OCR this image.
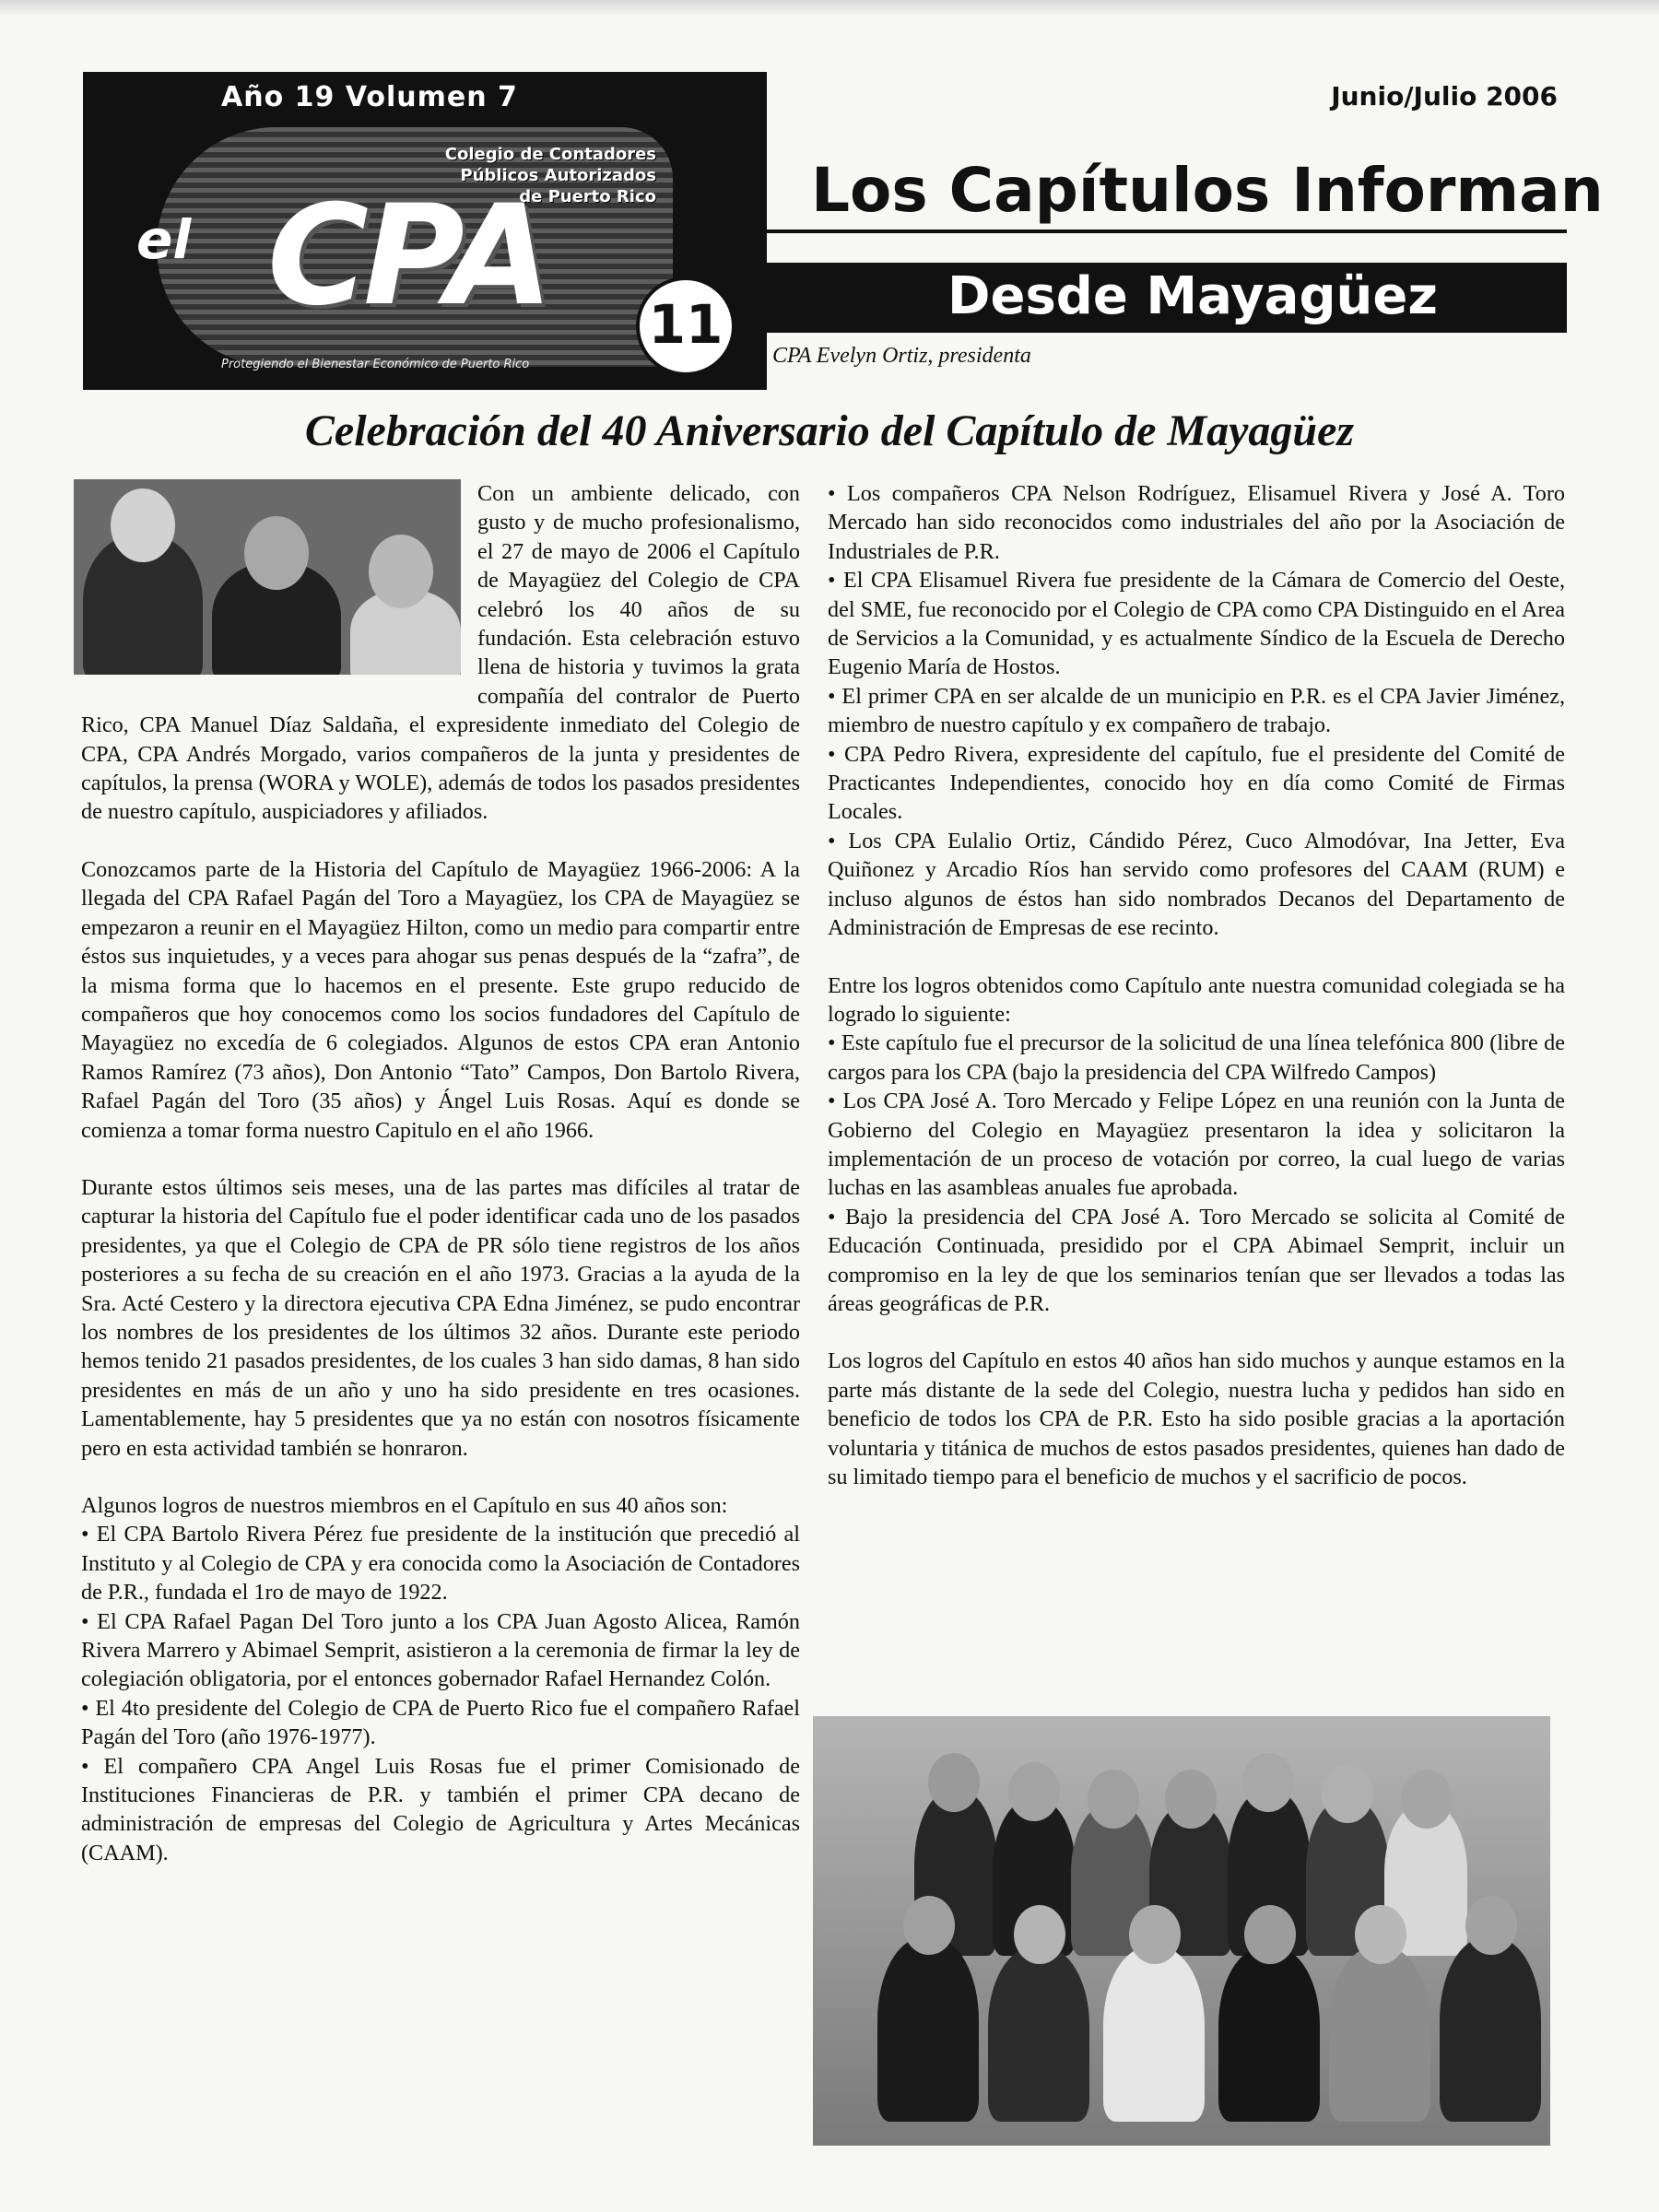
Año 19 Volumen 7
Colegio de Contadores
Públicos Autorizados
de Puerto Rico
el CPA
Protegiendo el Bienestar Económico de Puerto Rico
11
Junio/Julio 2006
Los Capítulos Informan
Desde Mayagüez
CPA Evelyn Ortiz, presidenta
Celebración del 40 Aniversario del Capítulo de Mayagüez

Con un ambiente delicado, con gusto y de mucho profesionalismo, el 27 de mayo de 2006 el Capítulo de Mayagüez del Colegio de CPA celebró los 40 años de su fundación. Esta celebración estuvo llena de historia y tuvimos la grata compañía del contralor de Puerto Rico, CPA Manuel Díaz Saldaña, el expresidente inmediato del Colegio de CPA, CPA Andrés Morgado, varios compañeros de la junta y presidentes de capítulos, la prensa (WORA y WOLE), además de todos los pasados presidentes de nuestro capítulo, auspiciadores y afiliados.

Conozcamos parte de la Historia del Capítulo de Mayagüez 1966-2006: A la llegada del CPA Rafael Pagán del Toro a Mayagüez, los CPA de Mayagüez se empezaron a reunir en el Mayagüez Hilton, como un medio para compartir entre éstos sus inquietudes, y a veces para ahogar sus penas después de la “zafra”, de la misma forma que lo hacemos en el presente. Este grupo reducido de compañeros que hoy conocemos como los socios fundadores del Capítulo de Mayagüez no excedía de 6 colegiados. Algunos de estos CPA eran Antonio Ramos Ramírez (73 años), Don Antonio “Tato” Campos, Don Bartolo Rivera, Rafael Pagán del Toro (35 años) y Ángel Luis Rosas. Aquí es donde se comienza a tomar forma nuestro Capitulo en el año 1966.

Durante estos últimos seis meses, una de las partes mas difíciles al tratar de capturar la historia del Capítulo fue el poder identificar cada uno de los pasados presidentes, ya que el Colegio de CPA de PR sólo tiene registros de los años posteriores a su fecha de su creación en el año 1973. Gracias a la ayuda de la Sra. Acté Cestero y la directora ejecutiva CPA Edna Jiménez, se pudo encontrar los nombres de los presidentes de los últimos 32 años. Durante este periodo hemos tenido 21 pasados presidentes, de los cuales 3 han sido damas, 8 han sido presidentes en más de un año y uno ha sido presidente en tres ocasiones. Lamentablemente, hay 5 presidentes que ya no están con nosotros físicamente pero en esta actividad también se honraron.

Algunos logros de nuestros miembros en el Capítulo en sus 40 años son:

• El CPA Bartolo Rivera Pérez fue presidente de la institución que precedió al Instituto y al Colegio de CPA y era conocida como la Asociación de Contadores de P.R., fundada el 1ro de mayo de 1922.

• El CPA Rafael Pagan Del Toro junto a los CPA Juan Agosto Alicea, Ramón Rivera Marrero y Abimael Semprit, asistieron a la ceremonia de firmar la ley de colegiación obligatoria, por el entonces gobernador Rafael Hernandez Colón.

• El 4to presidente del Colegio de CPA de Puerto Rico fue el compañero Rafael Pagán del Toro (año 1976-1977).

• El compañero CPA Angel Luis Rosas fue el primer Comisionado de Instituciones Financieras de P.R. y también el primer CPA decano de administración de empresas del Colegio de Agricultura y Artes Mecánicas (CAAM).

• Los compañeros CPA Nelson Rodríguez, Elisamuel Rivera y José A. Toro Mercado han sido reconocidos como industriales del año por la Asociación de Industriales de P.R.

• El CPA Elisamuel Rivera fue presidente de la Cámara de Comercio del Oeste, del SME, fue reconocido por el Colegio de CPA como CPA Distinguido en el Area de Servicios a la Comunidad, y es actualmente Síndico de la Escuela de Derecho Eugenio María de Hostos.

• El primer CPA en ser alcalde de un municipio en P.R. es el CPA Javier Jiménez, miembro de nuestro capítulo y ex compañero de trabajo.

• CPA Pedro Rivera, expresidente del capítulo, fue el presidente del Comité de Practicantes Independientes, conocido hoy en día como Comité de Firmas Locales.

• Los CPA Eulalio Ortiz, Cándido Pérez, Cuco Almodóvar, Ina Jetter, Eva Quiñonez y Arcadio Ríos han servido como profesores del CAAM (RUM) e incluso algunos de éstos han sido nombrados Decanos del Departamento de Administración de Empresas de ese recinto.

Entre los logros obtenidos como Capítulo ante nuestra comunidad colegiada se ha logrado lo siguiente:

• Este capítulo fue el precursor de la solicitud de una línea telefónica 800 (libre de cargos para los CPA (bajo la presidencia del CPA Wilfredo Campos)

• Los CPA José A. Toro Mercado y Felipe López en una reunión con la Junta de Gobierno del Colegio en Mayagüez presentaron la idea y solicitaron la implementación de un proceso de votación por correo, la cual luego de varias luchas en las asambleas anuales fue aprobada.

• Bajo la presidencia del CPA José A. Toro Mercado se solicita al Comité de Educación Continuada, presidido por el CPA Abimael Semprit, incluir un compromiso en la ley de que los seminarios tenían que ser llevados a todas las áreas geográficas de P.R.

Los logros del Capítulo en estos 40 años han sido muchos y aunque estamos en la parte más distante de la sede del Colegio, nuestra lucha y pedidos han sido en beneficio de todos los CPA de P.R. Esto ha sido posible gracias a la aportación voluntaria y titánica de muchos de estos pasados presidentes, quienes han dado de su limitado tiempo para el beneficio de muchos y el sacrificio de pocos.
